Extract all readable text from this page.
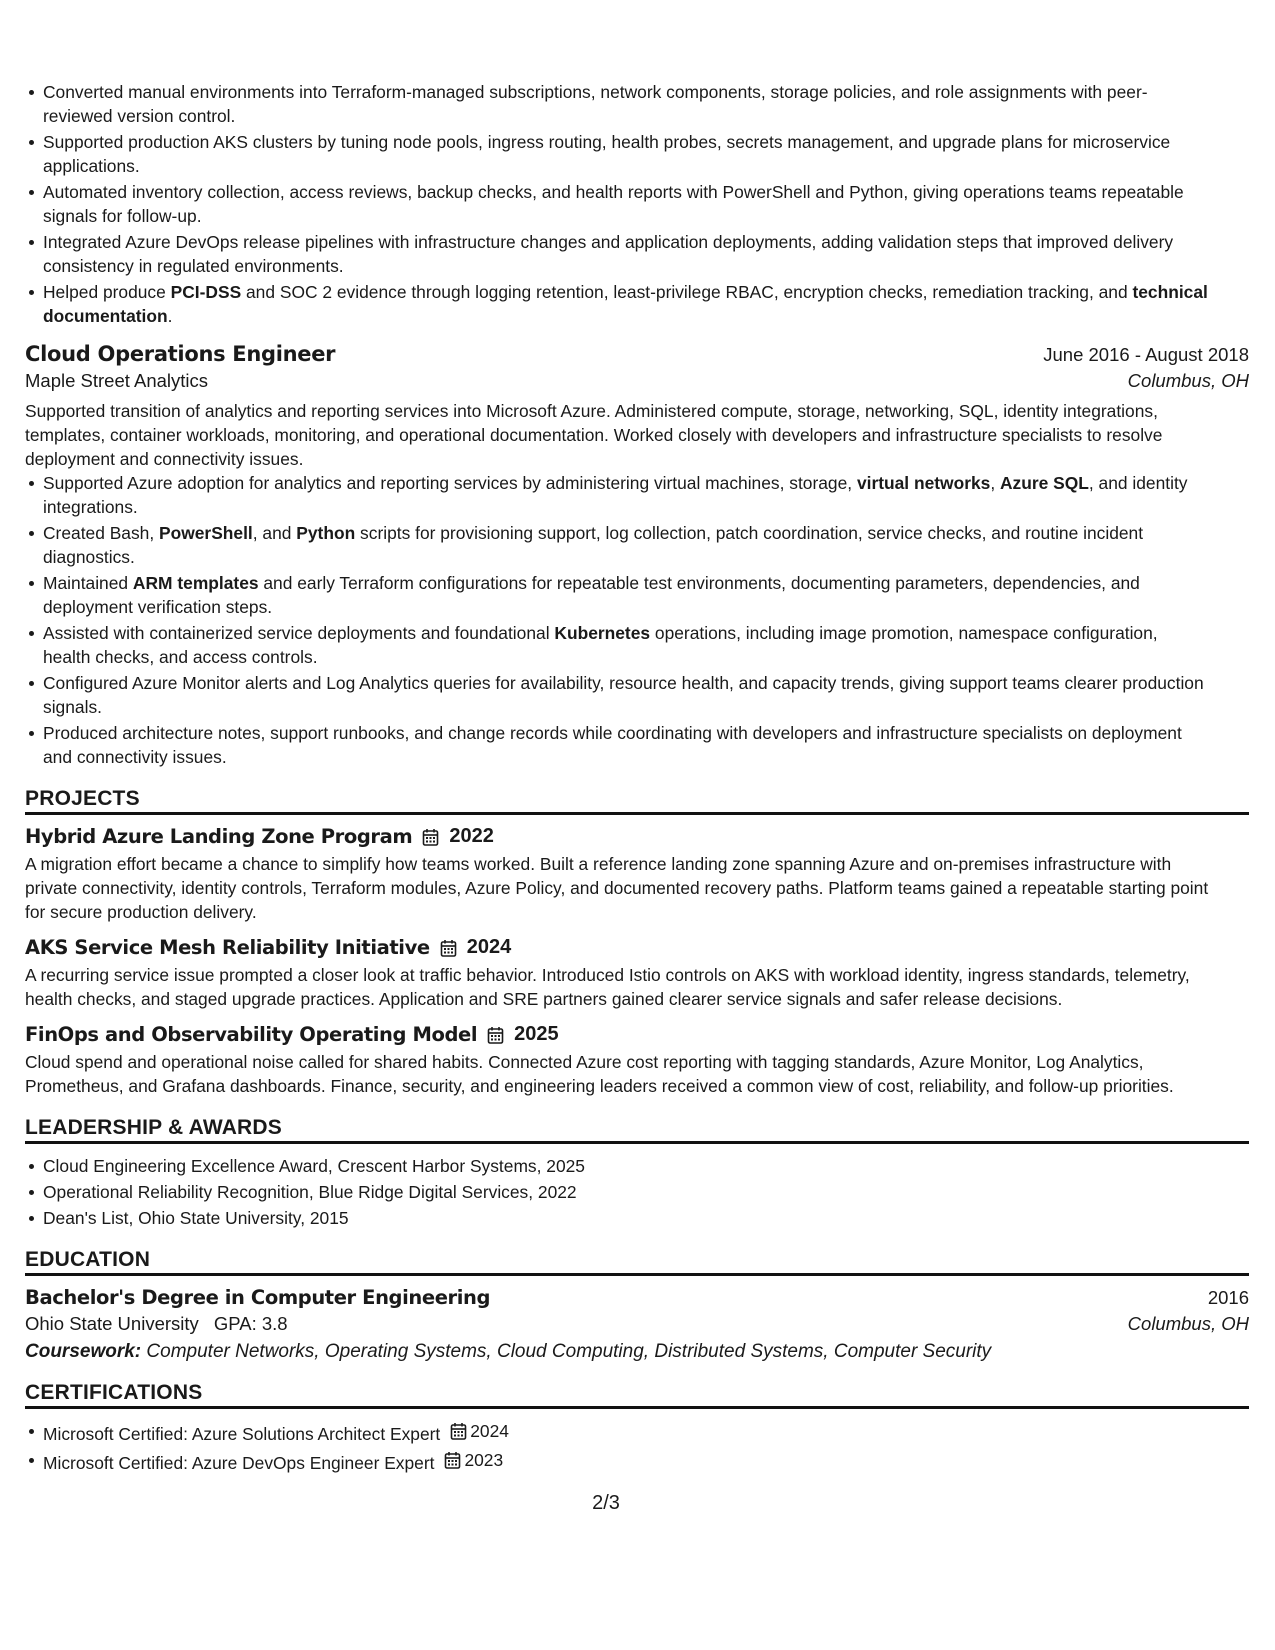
Converted manual environments into Terraform-managed subscriptions, network components, storage policies, and role assignments with peer-reviewed version control.
Supported production AKS clusters by tuning node pools, ingress routing, health probes, secrets management, and upgrade plans for microservice applications.
Automated inventory collection, access reviews, backup checks, and health reports with PowerShell and Python, giving operations teams repeatable signals for follow-up.
Integrated Azure DevOps release pipelines with infrastructure changes and application deployments, adding validation steps that improved delivery consistency in regulated environments.
Helped produce PCI-DSS and SOC 2 evidence through logging retention, least-privilege RBAC, encryption checks, remediation tracking, and technical documentation.
Cloud Operations Engineer	June 2016 - August 2018
Maple Street Analytics	Columbus, OH
Supported transition of analytics and reporting services into Microsoft Azure. Administered compute, storage, networking, SQL, identity integrations, templates, container workloads, monitoring, and operational documentation. Worked closely with developers and infrastructure specialists to resolve deployment and connectivity issues.
Supported Azure adoption for analytics and reporting services by administering virtual machines, storage, virtual networks, Azure SQL, and identity integrations.
Created Bash, PowerShell, and Python scripts for provisioning support, log collection, patch coordination, service checks, and routine incident diagnostics.
Maintained ARM templates and early Terraform configurations for repeatable test environments, documenting parameters, dependencies, and deployment verification steps.
Assisted with containerized service deployments and foundational Kubernetes operations, including image promotion, namespace configuration, health checks, and access controls.
Configured Azure Monitor alerts and Log Analytics queries for availability, resource health, and capacity trends, giving support teams clearer production signals.
Produced architecture notes, support runbooks, and change records while coordinating with developers and infrastructure specialists on deployment and connectivity issues.
PROJECTS
Hybrid Azure Landing Zone Program 2022
A migration effort became a chance to simplify how teams worked. Built a reference landing zone spanning Azure and on-premises infrastructure with private connectivity, identity controls, Terraform modules, Azure Policy, and documented recovery paths. Platform teams gained a repeatable starting point for secure production delivery.
AKS Service Mesh Reliability Initiative 2024
A recurring service issue prompted a closer look at traffic behavior. Introduced Istio controls on AKS with workload identity, ingress standards, telemetry, health checks, and staged upgrade practices. Application and SRE partners gained clearer service signals and safer release decisions.
FinOps and Observability Operating Model 2025
Cloud spend and operational noise called for shared habits. Connected Azure cost reporting with tagging standards, Azure Monitor, Log Analytics, Prometheus, and Grafana dashboards. Finance, security, and engineering leaders received a common view of cost, reliability, and follow-up priorities.
LEADERSHIP & AWARDS
Cloud Engineering Excellence Award, Crescent Harbor Systems, 2025
Operational Reliability Recognition, Blue Ridge Digital Services, 2022
Dean's List, Ohio State University, 2015
EDUCATION
Bachelor's Degree in Computer Engineering	2016
Ohio State University GPA: 3.8	Columbus, OH
Coursework: Computer Networks, Operating Systems, Cloud Computing, Distributed Systems, Computer Security
CERTIFICATIONS
Microsoft Certified: Azure Solutions Architect Expert 2024
Microsoft Certified: Azure DevOps Engineer Expert 2023
2/3
